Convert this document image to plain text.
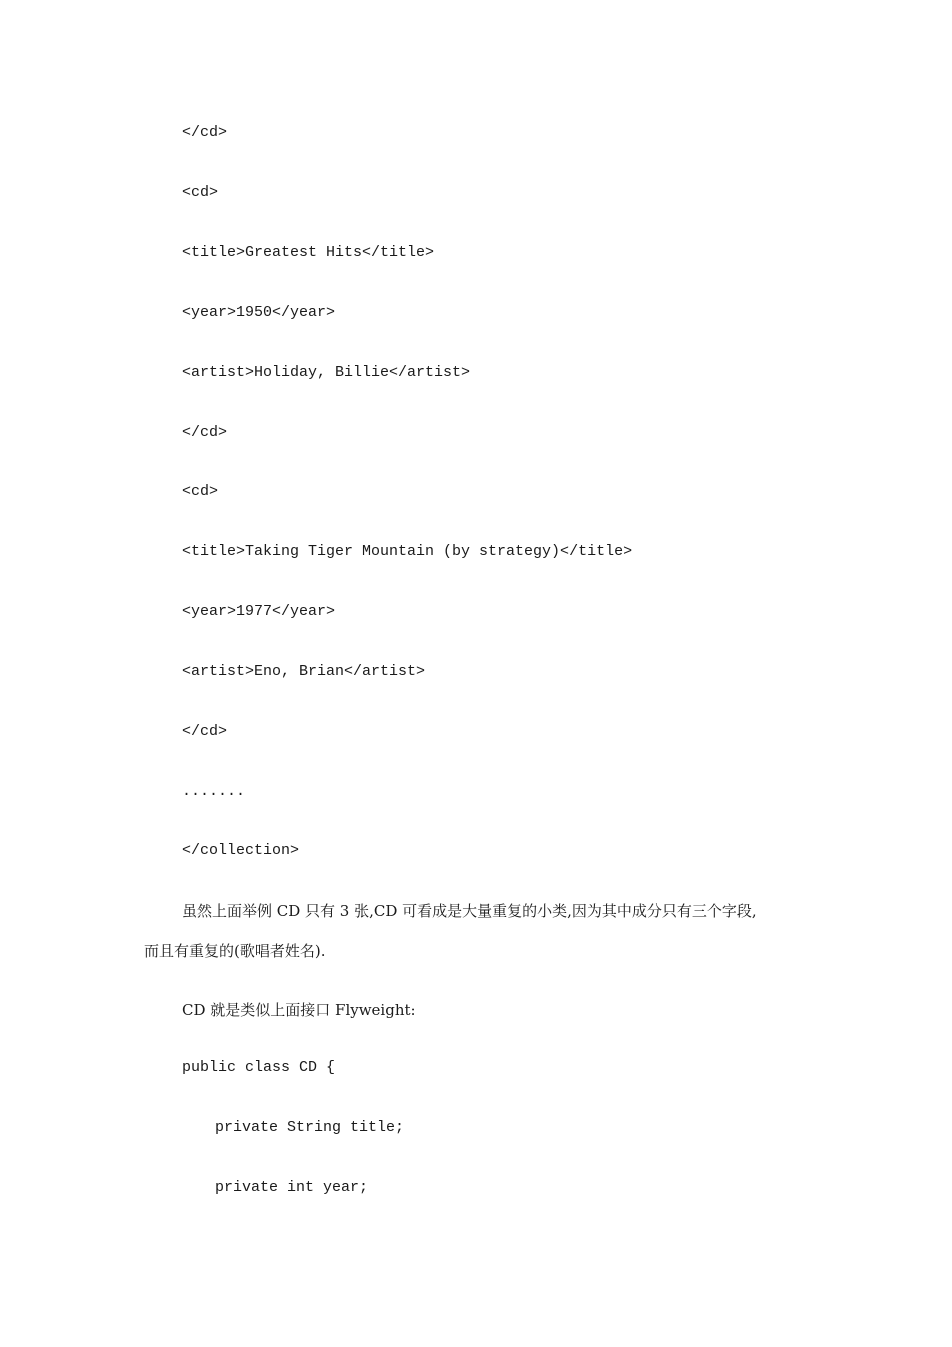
</cd>
<cd>
<title>Greatest Hits</title>
<year>1950</year>
<artist>Holiday, Billie</artist>
</cd>
<cd>
<title>Taking Tiger Mountain (by strategy)</title>
<year>1977</year>
<artist>Eno, Brian</artist>
</cd>
.......
</collection>
虽然上面举例 CD 只有 3 张,CD 可看成是大量重复的小类,因为其中成分只有三个字段,
而且有重复的(歌唱者姓名).
CD 就是类似上面接口 Flyweight:
public class CD {
private String title;
private int year;
